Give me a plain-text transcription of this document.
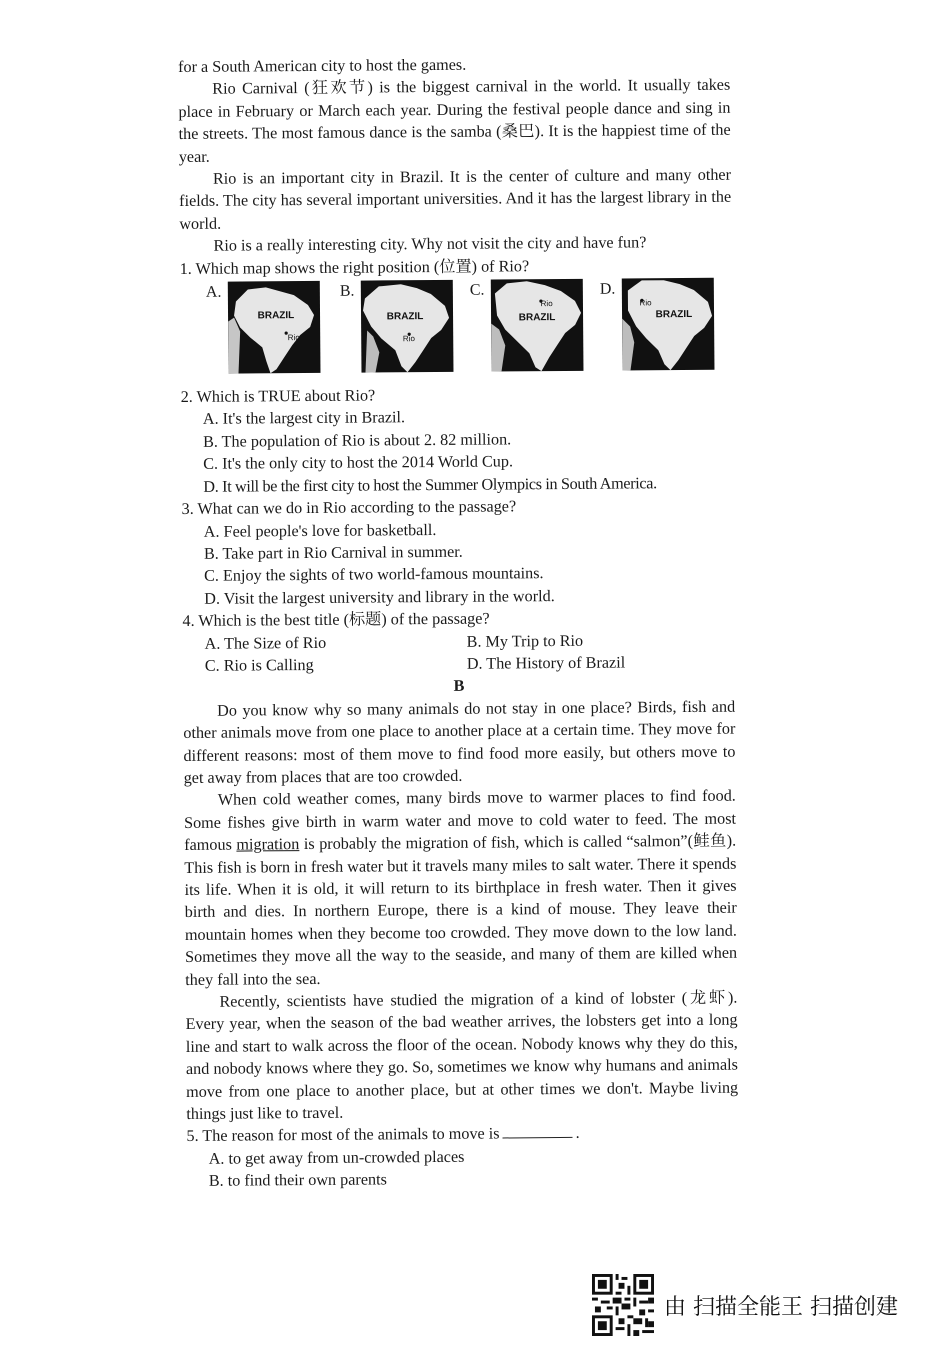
for a South American city to host the games.

Rio Carnival (狂欢节) is the biggest carnival in the world. It usually takes place in February or March each year. During the festival people dance and sing in the streets. The most famous dance is the samba (桑巴). It is the happiest time of the year.

Rio is an important city in Brazil. It is the center of culture and many other fields. The city has several important universities. And it has the largest library in the world.

Rio is a really interesting city. Why not visit the city and have fun?

1. Which map shows the right position (位置) of Rio?

A.
BRAZIL
Rio
B.
BRAZIL
Rio
C.
BRAZIL
Rio
D.
BRAZIL
Rio

2. Which is TRUE about Rio?

A. It's the largest city in Brazil.

B. The population of Rio is about 2. 82 million.

C. It's the only city to host the 2014 World Cup.

D. It will be the first city to host the Summer Olympics in South America.

3. What can we do in Rio according to the passage?

A. Feel people's love for basketball.

B. Take part in Rio Carnival in summer.

C. Enjoy the sights of two world-famous mountains.

D. Visit the largest university and library in the world.

4. Which is the best title (标题) of the passage?

A. The Size of Rio	B. My Trip to Rio
C. Rio is Calling	D. The History of Brazil

B

Do you know why so many animals do not stay in one place? Birds, fish and other animals move from one place to another place at a certain time. They move for different reasons: most of them move to find food more easily, but others move to get away from places that are too crowded.

When cold weather comes, many birds move to warmer places to find food. Some fishes give birth in warm water and move to cold water to feed. The most famous migration is probably the migration of fish, which is called “salmon”(鲑鱼). This fish is born in fresh water but it travels many miles to salt water. There it spends its life. When it is old, it will return to its birthplace in fresh water. Then it gives birth and dies. In northern Europe, there is a kind of mouse. They leave their mountain homes when they become too crowded. They move down to the low land. Sometimes they move all the way to the seaside, and many of them are killed when they fall into the sea.

Recently, scientists have studied the migration of a kind of lobster (龙虾). Every year, when the season of the bad weather arrives, the lobsters get into a long line and start to walk across the floor of the ocean. Nobody knows why they do this, and nobody knows where they go. So, sometimes we know why humans and animals move from one place to another place, but at other times we don't. Maybe living things just like to travel.

5. The reason for most of the animals to move is	.

A. to get away from un-crowded places

B. to find their own parents

由 扫描全能王 扫描创建
